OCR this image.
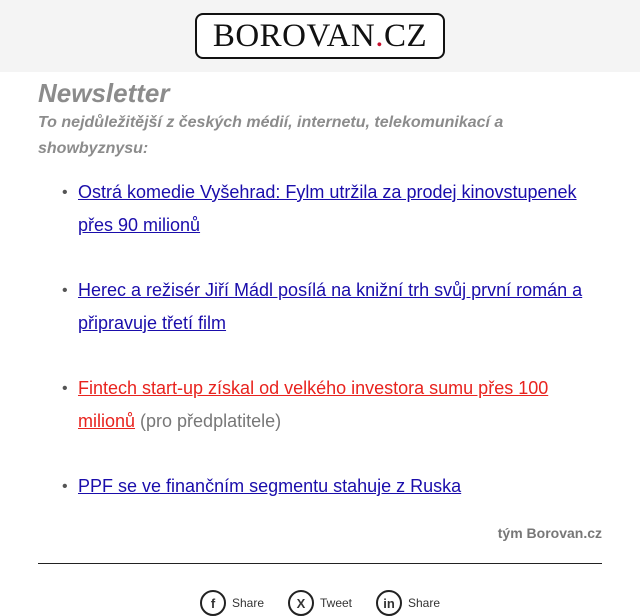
BOROVAN . CZ
Newsletter

To nejdůležitější z českých médií, internetu, telekomunikací a showbyznysu:

• Ostrá komedie Vyšehrad: Fylm utržila za prodej kinovstupenek přes 90 milionů
• Herec a režisér Jiří Mádl posílá na knižní trh svůj první román a připravuje třetí film
• Fintech start-up získal od velkého investora sumu přes 100 milionů (pro předplatitele)
• PPF se ve finančním segmentu stahuje z Ruska
tým Borovan.cz
f	Share	X	Tweet	in	Share
